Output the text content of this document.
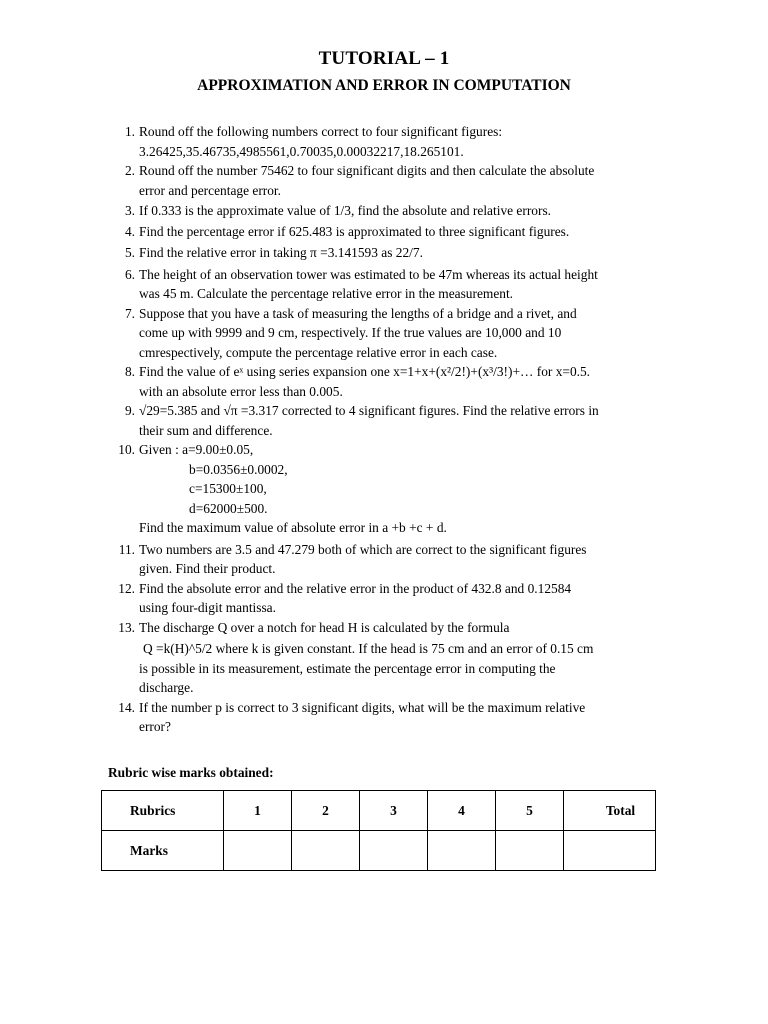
TUTORIAL – 1
APPROXIMATION AND ERROR IN COMPUTATION
1. Round off the following numbers correct to four significant figures:
3.26425,35.46735,4985561,0.70035,0.00032217,18.265101.
2. Round off the number 75462 to four significant digits and then calculate the absolute
error and percentage error.
3. If 0.333 is the approximate value of 1/3, find the absolute and relative errors.
4. Find the percentage error if 625.483 is approximated to three significant figures.
5. Find the relative error in taking π =3.141593 as 22/7.
6. The height of an observation tower was estimated to be 47m whereas its actual height
was 45 m. Calculate the percentage relative error in the measurement.
7. Suppose that you have a task of measuring the lengths of a bridge and a rivet, and
come up with 9999 and 9 cm, respectively. If the true values are 10,000 and 10
cmrespectively, compute the percentage relative error in each case.
8. Find the value of eˣ using series expansion one x=1+x+(x²/2!)+(x³/3!)+… for x=0.5.
with an absolute error less than 0.005.
9. √29=5.385 and √π =3.317 corrected to 4 significant figures. Find the relative errors in
their sum and difference.
10. Given : a=9.00±0.05,
b=0.0356±0.0002,
c=15300±100,
d=62000±500.
Find the maximum value of absolute error in a +b +c + d.
11. Two numbers are 3.5 and 47.279 both of which are correct to the significant figures
given. Find their product.
12. Find the absolute error and the relative error in the product of 432.8 and 0.12584
using four-digit mantissa.
13. The discharge Q over a notch for head H is calculated by the formula
Q =k(H)^5/2 where k is given constant. If the head is 75 cm and an error of 0.15 cm
is possible in its measurement, estimate the percentage error in computing the
discharge.
14. If the number p is correct to 3 significant digits, what will be the maximum relative
error?
Rubric wise marks obtained:
Rubrics	1	2	3	4	5	Total
Marks						
